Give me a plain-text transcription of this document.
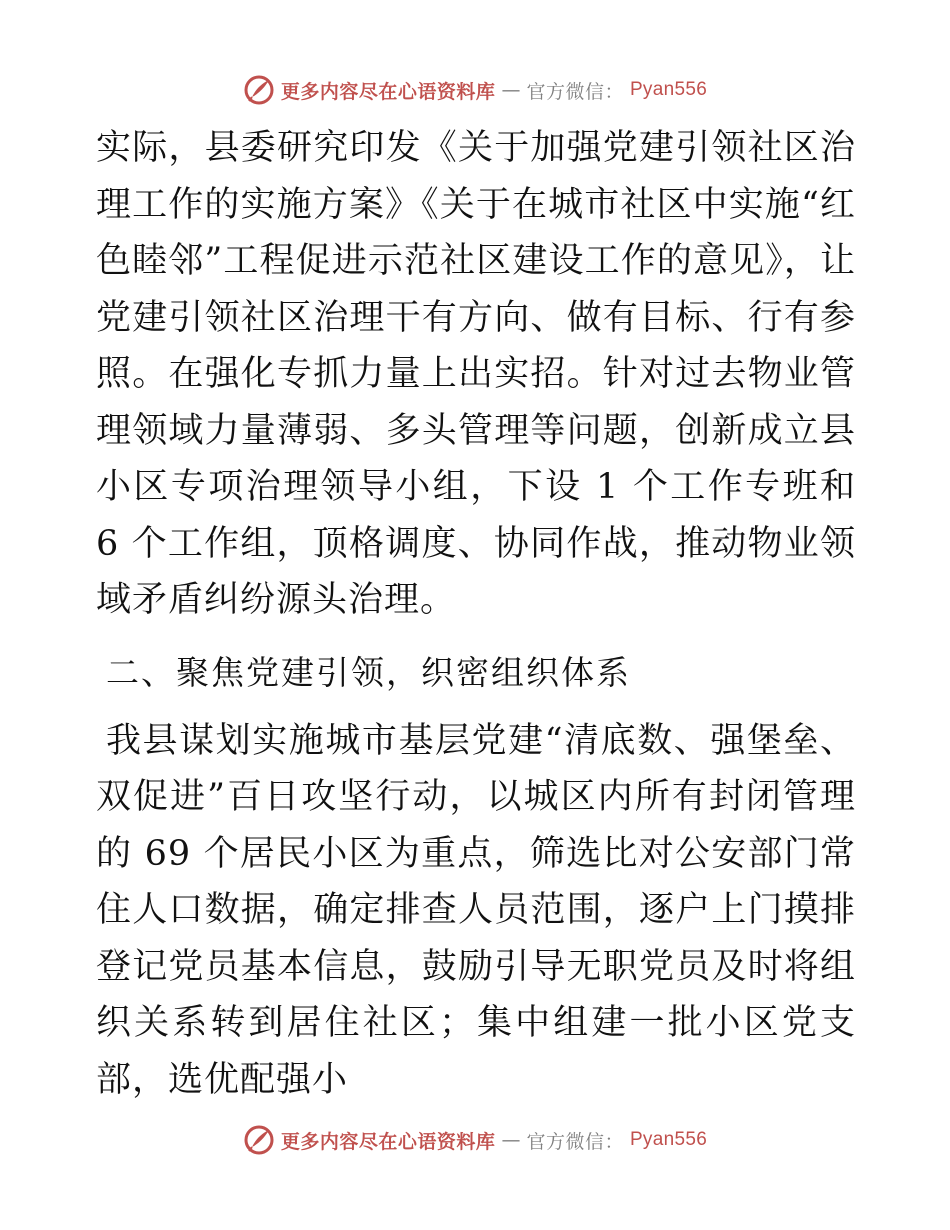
更多内容尽在心语资料库 — 官方微信： Pyan556

实际，县委研究印发《关于加强党建引领社区治理工作的实施方案》《关于在城市社区中实施“红色睦邻”工程促进示范社区建设工作的意见》，让党建引领社区治理干有方向、做有目标、行有参照。在强化专抓力量上出实招。针对过去物业管理领域力量薄弱、多头管理等问题，创新成立县小区专项治理领导小组，下设 1 个工作专班和 6 个工作组，顶格调度、协同作战，推动物业领域矛盾纠纷源头治理。

二、聚焦党建引领，织密组织体系

我县谋划实施城市基层党建“清底数、强堡垒、双促进”百日攻坚行动，以城区内所有封闭管理的 69 个居民小区为重点，筛选比对公安部门常住人口数据，确定排查人员范围，逐户上门摸排登记党员基本信息，鼓励引导无职党员及时将组织关系转到居住社区；集中组建一批小区党支部，选优配强小

更多内容尽在心语资料库 — 官方微信： Pyan556
